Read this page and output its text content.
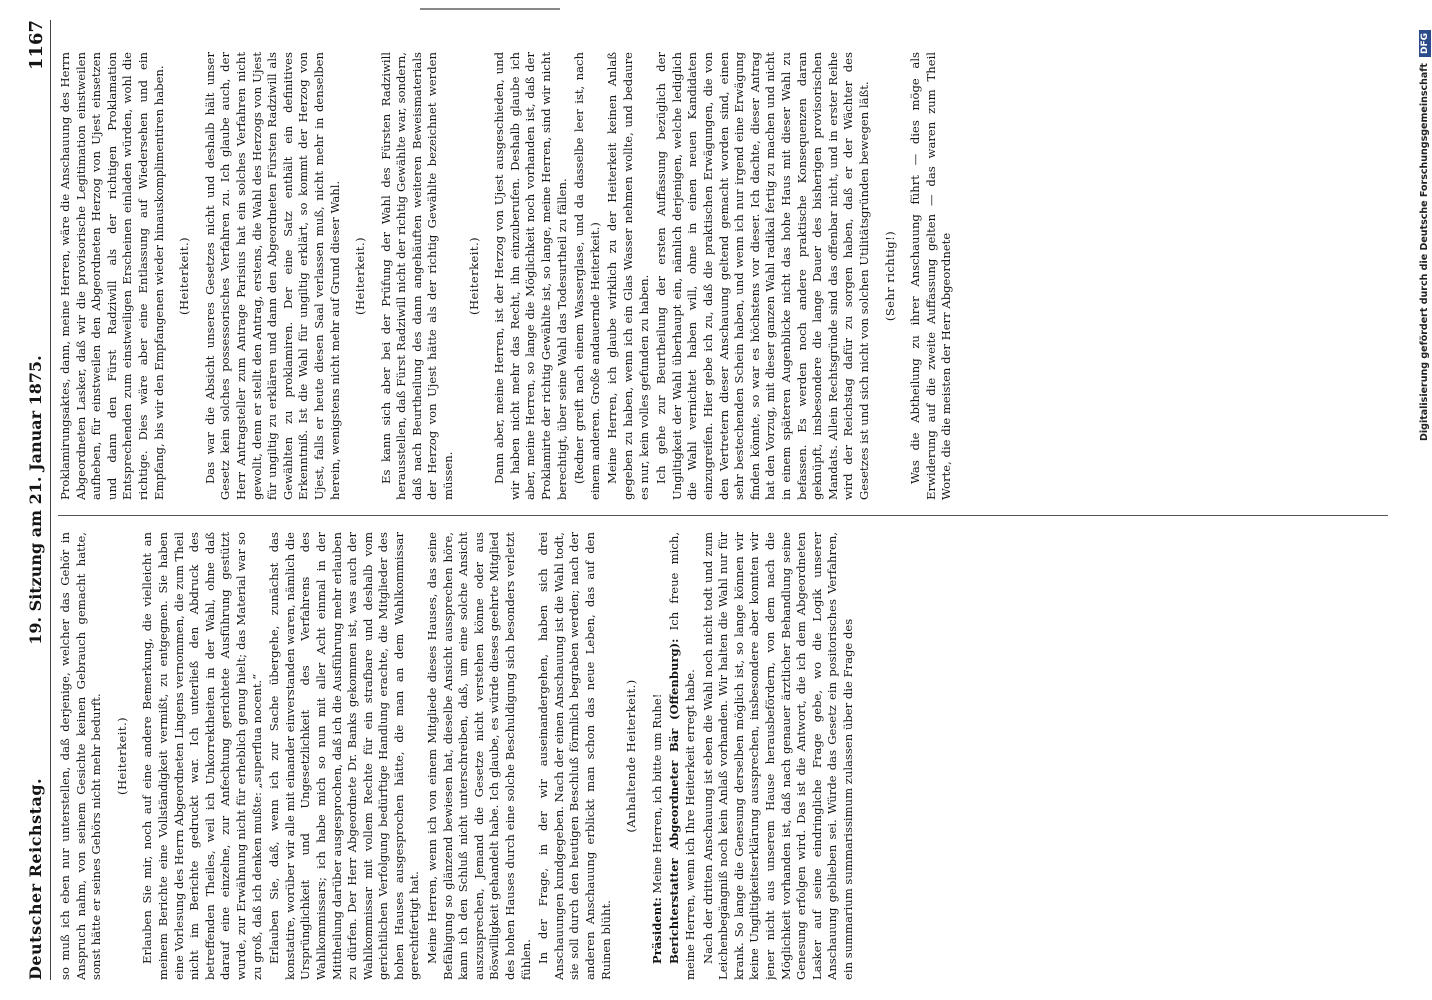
Deutscher Reichstag.
19. Sitzung am 21. Januar 1875.
1167

so muß ich eben nur unterstellen, daß derjenige, welcher das Gehör in Anspruch nahm, von seinem Gesichte keinen Gebrauch gemacht hatte, sonst hätte er seines Gehörs nicht mehr bedurft. (Heiterkeit.) Erlauben Sie mir, noch auf eine andere Bemerkung, die vielleicht an meinem Berichte eine Vollständigkeit vermißt, zu entgegnen. Sie haben eine Vorlesung des Herrn Abgeordneten Lingens vernommen, die zum Theil nicht im Berichte gedruckt war. Ich unterließ den Abdruck des betreffenden Theiles, weil ich Unkorrektheiten in der Wahl, ohne daß darauf eine einzelne, zur Anfechtung gerichtete Ausführung gestützt wurde, zur Erwähnung nicht für erheblich genug hielt; das Material war so zu groß, daß ich denken mußte: „superflua nocent.“ Erlauben Sie, daß, wenn ich zur Sache übergehe, zunächst das konstatire, worüber wir alle mit einander einverstanden waren, nämlich die Ursprünglichkeit und Ungesetzlichkeit des Verfahrens des Wahlkommissars; ich habe mich so nun mit aller Acht einmal in der Mittheilung darüber ausgesprochen, daß ich die Ausführung mehr erlauben zu dürfen. Der Herr Abgeordnete Dr. Banks gekommen ist, was auch der Wahlkommissar mit vollem Rechte für ein strafbare und deshalb vom gerichtlichen Verfolgung bedürftige Handlung erachte, die Mitglieder des hohen Hauses ausgesprochen hätte, die man an dem Wahlkommissar gerechtfertigt hat. Meine Herren, wenn ich von einem Mitgliede dieses Hauses, das seine Befähigung so glänzend bewiesen hat, dieselbe Ansicht aussprechen höre, kann ich den Schluß nicht unterschreiben, daß, um eine solche Ansicht auszusprechen, Jemand die Gesetze nicht verstehen könne oder aus Böswilligkeit gehandelt habe. Ich glaube, es würde dieses geehrte Mitglied des hohen Hauses durch eine solche Beschuldigung sich besonders verletzt fühlen. In der Frage, in der wir auseinandergehen, haben sich drei Anschauungen kundgegeben. Nach der einen Anschauung ist die Wahl todt, sie soll durch den heutigen Beschluß förmlich begraben werden; nach der anderen Anschauung erblickt man schon das neue Leben, das auf den Ruinen blüht.

(Anhaltende Heiterkeit.)

Präsident: Meine Herren, ich bitte um Ruhe! Berichterstatter Abgeordneter Bär (Offenburg): Ich freue mich, meine Herren, wenn ich Ihre Heiterkeit erregt habe. Nach der dritten Anschauung ist eben die Wahl noch nicht todt und zum Leichenbegängniß noch kein Anlaß vorhanden. Wir halten die Wahl nur für krank. So lange die Genesung derselben möglich ist, so lange können wir keine Ungiltigkeitserklärung aussprechen, insbesondere aber konnten wir jener nicht aus unserem Hause herausbefördern, von dem nach die Möglichkeit vorhanden ist, daß nach genauer ärztlicher Behandlung seine Genesung erfolgen wird. Das ist die Antwort, die ich dem Abgeordneten Lasker auf seine eindringliche Frage gebe, wo die Logik unserer Anschauung geblieben sei. Würde das Gesetz ein positorisches Verfahren, ein summarium summarissimum zulassen über die Frage des

Proklamirungsaktes, dann, meine Herren, wäre die Anschauung des Herrn Abgeordneten Lasker, daß wir die provisorische Legitimation einstweilen aufheben, für einstweilen den Abgeordneten Herzog von Ujest einsetzen und dann den Fürst Radziwill als der richtigen Proklamation Entsprechenden zum einstweiligen Erscheinen einladen würden, wohl die richtige. Dies wäre aber eine Entlassung auf Wiedersehen und ein Empfang, bis wir den Empfangenen wieder hinauskomplimentiren haben. (Heiterkeit.) Das war die Absicht unseres Gesetzes nicht und deshalb hält unser Gesetz kein solches possessorisches Verfahren zu. Ich glaube auch, der Herr Antragsteller zum Antrage Parisius hat ein solches Verfahren nicht gewollt, denn er stellt den Antrag, erstens, die Wahl des Herzogs von Ujest für ungiltig zu erklären und dann den Abgeordneten Fürsten Radziwill als Gewählten zu proklamiren. Der eine Satz enthält ein definitives Erkenntniß. Ist die Wahl für ungiltig erklärt, so kommt der Herzog von Ujest, falls er heute diesen Saal verlassen muß, nicht mehr in denselben herein, wenigstens nicht mehr auf Grund dieser Wahl. (Heiterkeit.) Es kann sich aber bei der Prüfung der Wahl des Fürsten Radziwill herausstellen, daß Fürst Radziwill nicht der richtig Gewählte war, sondern, daß nach Beurtheilung des dann angehäuften weiteren Beweismaterials der Herzog von Ujest hätte als der richtig Gewählte bezeichnet werden müssen.

(Heiterkeit.) Dann aber, meine Herren, ist der Herzog von Ujest ausgeschieden, und wir haben nicht mehr das Recht, ihn einzuberufen. Deshalb glaube ich aber, meine Herren, so lange die Möglichkeit noch vorhanden ist, daß der Proklamirte der richtig Gewählte ist, so lange, meine Herren, sind wir nicht berechtigt, über seine Wahl das Todesurtheil zu fällen. (Redner greift nach einem Wasserglase, und da dasselbe leer ist, nach einem anderen. Große andauernde Heiterkeit.) Meine Herren, ich glaube wirklich zu der Heiterkeit keinen Anlaß gegeben zu haben, wenn ich ein Glas Wasser nehmen wollte, und bedaure es nur, kein volles gefunden zu haben. Ich gehe zur Beurtheilung der ersten Auffassung bezüglich der Ungiltigkeit der Wahl überhaupt ein, nämlich derjenigen, welche lediglich die Wahl vernichtet haben will, ohne in einen neuen Kandidaten einzugreifen. Hier gebe ich zu, daß die praktischen Erwägungen, die von den Vertretern dieser Anschauung geltend gemacht worden sind, einen sehr bestechenden Schein haben, und wenn ich nur irgend eine Erwägung finden könnte, so war es höchstens vor dieser. Ich dachte, dieser Antrag hat den Vorzug, mit dieser ganzen Wahl radikal fertig zu machen und nicht in einem späteren Augenblicke nicht das hohe Haus mit dieser Wahl zu befassen. Es werden noch andere praktische Konsequenzen daran geknüpft, insbesondere die lange Dauer des bisherigen provisorischen Mandats. Allein Rechtsgründe sind das offenbar nicht, und in erster Reihe wird der Reichstag dafür zu sorgen haben, daß er der Wächter des Gesetzes ist und sich nicht von solchen Utilitätsgründen bewegen läßt. (Sehr richtig!) Was die Abtheilung zu ihrer Anschauung führt — dies möge als Erwiderung auf die zweite Auffassung gelten — das waren zum Theil Worte, die die meisten der Herr Abgeordnete	Digitalisierung gefördert durch die Deutsche Forschungsgemeinschaft
DFG
